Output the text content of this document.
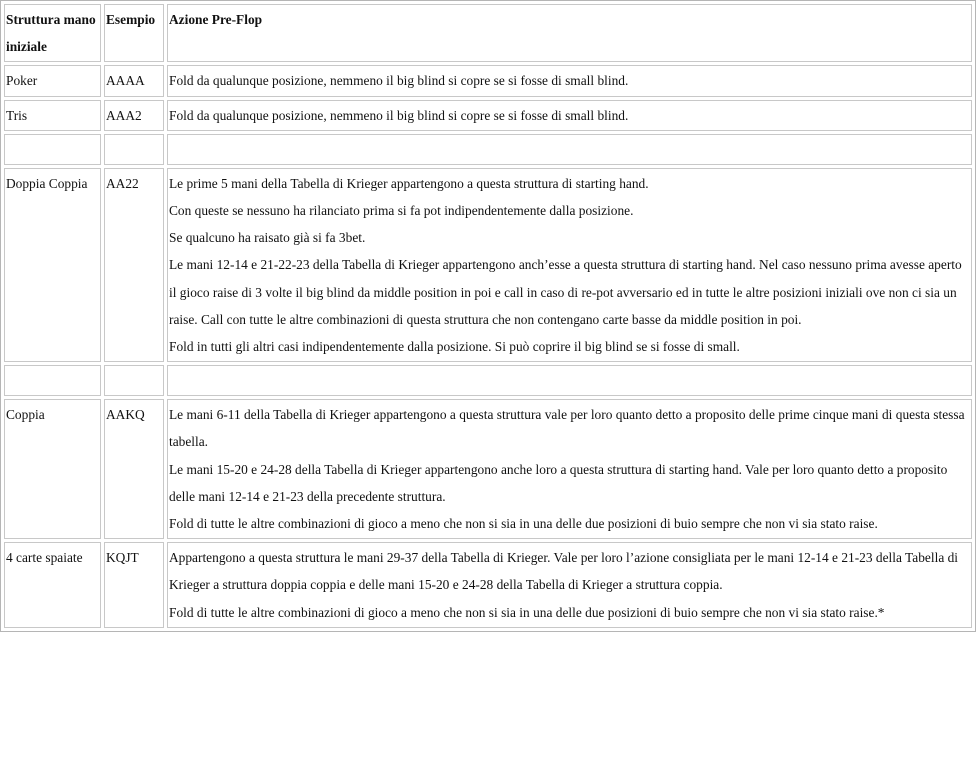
Struttura mano iniziale	Esempio	Azione Pre-Flop
Poker	AAAA	Fold da qualunque posizione, nemmeno il big blind si copre se si fosse di small blind.

Tris	AAA2	Fold da qualunque posizione, nemmeno il big blind si copre se si fosse di small blind.

Doppia Coppia	AA22	Le prime 5 mani della Tabella di Krieger appartengono a questa struttura di starting hand.
Con queste se nessuno ha rilanciato prima si fa pot indipendentemente dalla posizione.
Se qualcuno ha raisato già si fa 3bet.
Le mani 12-14 e 21-22-23 della Tabella di Krieger appartengono anch’esse a questa struttura di starting hand. Nel caso nessuno prima avesse aperto il gioco raise di 3 volte il big blind da middle position in poi e call in caso di re-pot avversario ed in tutte le altre posizioni iniziali ove non ci sia un raise. Call con tutte le altre combinazioni di questa struttura che non contengano carte basse da middle position in poi.
Fold in tutti gli altri casi indipendentemente dalla posizione. Si può coprire il big blind se si fosse di small.

Coppia	AAKQ	Le mani 6-11 della Tabella di Krieger appartengono a questa struttura vale per loro quanto detto a proposito delle prime cinque mani di questa stessa tabella.
Le mani 15-20 e 24-28 della Tabella di Krieger appartengono anche loro a questa struttura di starting hand. Vale per loro quanto detto a proposito delle mani 12-14 e 21-23 della precedente struttura.
Fold di tutte le altre combinazioni di gioco a meno che non si sia in una delle due posizioni di buio sempre che non vi sia stato raise.

4 carte spaiate	KQJT	Appartengono a questa struttura le mani 29-37 della Tabella di Krieger. Vale per loro l’azione consigliata per le mani 12-14 e 21-23 della Tabella di Krieger a struttura doppia coppia e delle mani 15-20 e 24-28 della Tabella di Krieger a struttura coppia.
Fold di tutte le altre combinazioni di gioco a meno che non si sia in una delle due posizioni di buio sempre che non vi sia stato raise.*
